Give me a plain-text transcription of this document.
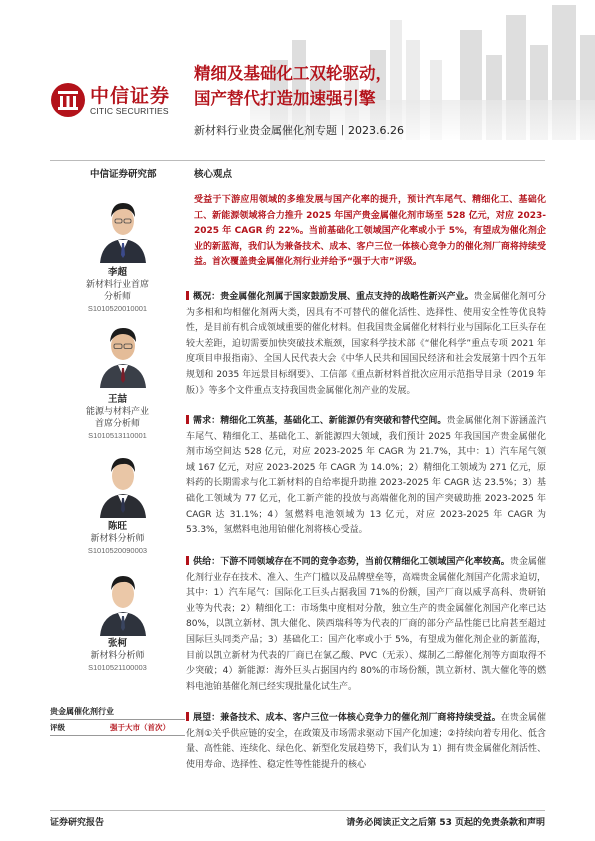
中信证券
CITIC SECURITIES
精细及基础化工双轮驱动，
国产替代打造加速强引擎
新材料行业贵金属催化剂专题丨2023.6.26
中信证券研究部	核心观点
李超
新材料行业首席
分析师
S1010520010001
王喆
能源与材料产业
首席分析师
S1010513110001
陈旺
新材料分析师
S1010520090003
张柯
新材料分析师
S1010521100003
贵金属催化剂行业
评级	强于大市（首次）
受益于下游应用领域的多维发展与国产化率的提升，预计汽车尾气、精细化工、基础化工、新能源领域将合力推升 2025 年国产贵金属催化剂市场至 528 亿元，对应 2023-2025 年 CAGR 约 22%。当前基础化工领域国产化率或小于 5%，有望成为催化剂企业的新蓝海，我们认为兼备技术、成本、客户三位一体核心竞争力的催化剂厂商将持续受益。首次覆盖贵金属催化剂行业并给予“强于大市”评级。
概况：贵金属催化剂属于国家鼓励发展、重点支持的战略性新兴产业。贵金属催化剂可分为多相和均相催化剂两大类，因具有不可替代的催化活性、选择性、使用安全性等优良特性，是目前有机合成领域重要的催化材料。但我国贵金属催化材料行业与国际化工巨头存在较大差距，迫切需要加快突破技术瓶颈，国家科学技术部《“催化科学”重点专项 2021 年度项目申报指南》、全国人民代表大会《中华人民共和国国民经济和社会发展第十四个五年规划和 2035 年远景目标纲要》、工信部《重点新材料首批次应用示范指导目录（2019 年版）》等多个文件重点支持我国贵金属催化剂产业的发展。
需求：精细化工筑基，基础化工、新能源仍有突破和替代空间。贵金属催化剂下游涵盖汽车尾气、精细化工、基础化工、新能源四大领域，我们预计 2025 年我国国产贵金属催化剂市场空间达 528 亿元，对应 2023-2025 年 CAGR 为 21.7%，其中：1）汽车尾气领域 167 亿元，对应 2023-2025 年 CAGR 为 14.0%；2）精细化工领域为 271 亿元，原料药的长期需求与化工新材料的自给率提升助推 2023-2025 年 CAGR 达 23.5%；3）基础化工领域为 77 亿元，化工新产能的投放与高端催化剂的国产突破助推 2023-2025 年 CAGR 达 31.1%；4）氢燃料电池领域为 13 亿元，对应 2023-2025 年 CAGR 为 53.3%，氢燃料电池用铂催化剂将核心受益。
供给：下游不同领域存在不同的竞争态势，当前仅精细化工领域国产化率较高。贵金属催化剂行业存在技术、准入、生产门槛以及品牌壁垒等，高端贵金属催化剂国产化需求迫切，其中：1）汽车尾气：国际化工巨头占据我国 71%的份额，国产厂商以威孚高科、贵研铂业等为代表；2）精细化工：市场集中度相对分散，独立生产的贵金属催化剂国产化率已达 80%，以凯立新材、凯大催化、陕西瑞科等为代表的厂商的部分产品性能已比肩甚至超过国际巨头同类产品；3）基础化工：国产化率或小于 5%，有望成为催化剂企业的新蓝海，目前以凯立新材为代表的厂商已在氯乙酸、PVC（无汞）、煤制乙二醇催化剂等方面取得不少突破；4）新能源：海外巨头占据国内约 80%的市场份额，凯立新材、凯大催化等的燃料电池铂基催化剂已经实现批量化试生产。
展望：兼备技术、成本、客户三位一体核心竞争力的催化剂厂商将持续受益。在贵金属催化剂①关乎供应链的安全，在政策及市场需求驱动下国产化加速；②持续向着专用化、低含量、高性能、连续化、绿色化、新型化发展趋势下，我们认为 1）拥有贵金属催化剂活性、使用寿命、选择性、稳定性等性能提升的核心
证券研究报告	请务必阅读正文之后第 53 页起的免责条款和声明
